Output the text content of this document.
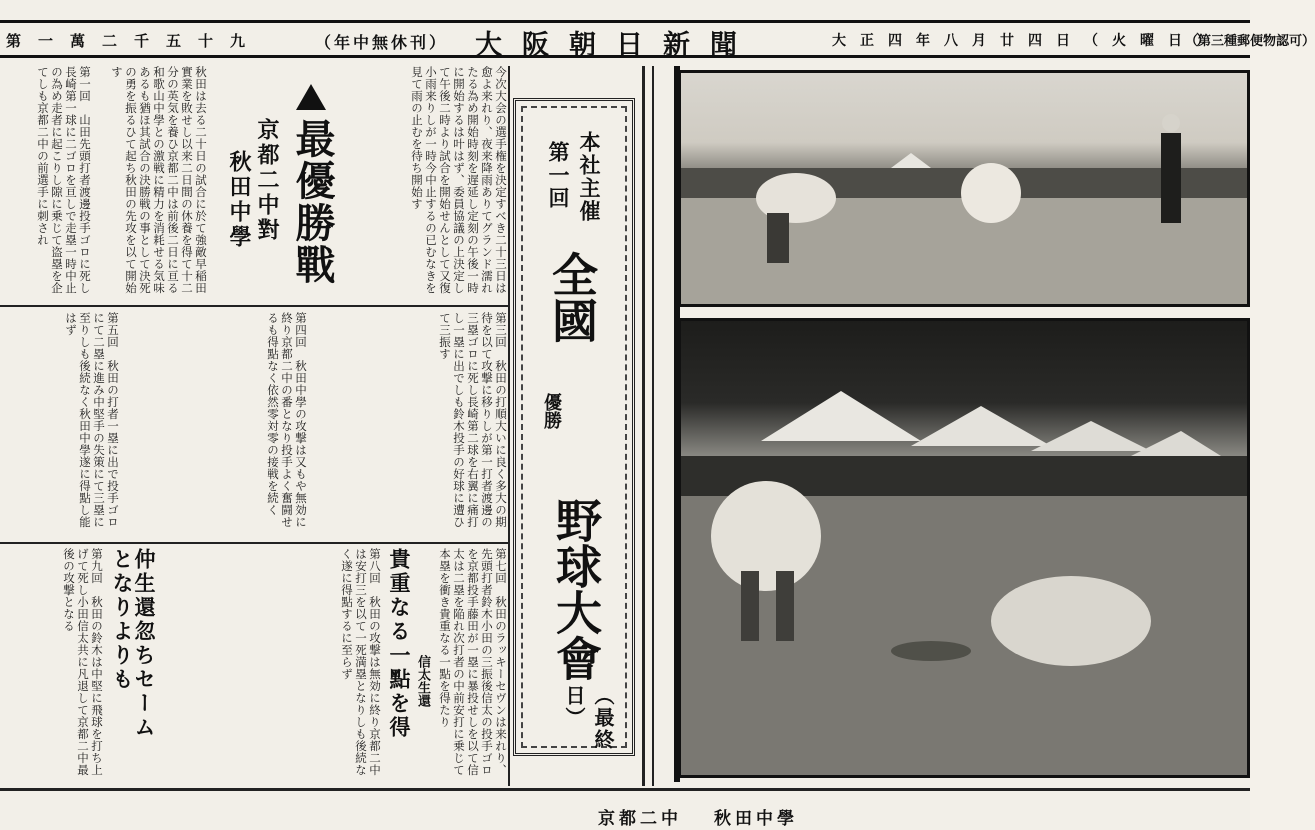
第一萬二千五十九	（年中無休刊） 大阪朝日新聞	大正四年八月廿四日（火曜日）
（第三種郵便物認可）
第一回　山田先頭打者渡邊投手ゴロに死し長崎第一球に二ゴロを亘しで走塁一時中止の為め走者に起こりし隙に乗じて盗塁を企てしも京都二中の前選手に刺され	最優勝戰
京都二中對
秋田中學
秋田は去る二十日の試合に於て強敵早稲田實業を敗せし以来二日間の休養を得て十二分の英気を養ひ京都二中は前後二日に亘る和歌山中學との激戦に精力を消耗せる気味あるも猶ほ其試合の決勝戦の事として決死の勇を振るひて起ち秋田の先攻を以て開始す	今次大会の選手権を決定すべき二十三日は愈よ来れり、夜来降雨ありてグランド濡れたる為め開始時刻を遅延し定刻の午後一時に開始するは叶はず、委員協議の上決定して午後二時より試合を開始せんとして又復小雨来りしが一時今中止するの已むなきを見て雨の止むを待ち開始す
第五回　秋田の打者一塁に出で投手ゴロにて二塁に進み中堅手の失策にて三塁に至りしも後続なく秋田中學遂に得點し能はず	第四回　秋田中學の攻撃は又もや無効に終り京都二中の番となり投手よく奮闘せるも得點なく依然零対零の接戦を続く	第三回　秋田の打順大いに良く多大の期待を以て攻撃に移りしが第一打者渡邊の三塁ゴロに死し長崎第二球を右翼に痛打し一塁に出でしも鈴木投手の好球に遭ひて三振す
第九回　秋田の鈴木は中堅に飛球を打ち上げて死し小田信太共に凡退して京都二中最後の攻撃となる	仲生還忽ちセーム
となりよりも	第八回　秋田の攻撃は無効に終り京都二中は安打三を以て一死満塁となりしも後続なく遂に得點するに至らず	貴重なる一點を得 信太生還	第七回　秋田のラッキーセヴンは来れり、先頭打者鈴木小田の三振後信太の投手ゴロを京都投手藤田が一塁に暴投せしを以て信太は二塁を陥れ次打者の中前安打に乗じて本塁を衝き貴重なる一點を得たり
本社主催
第一回
全國
優勝
野球大會
（最終日）
秋田中學
京都二中
